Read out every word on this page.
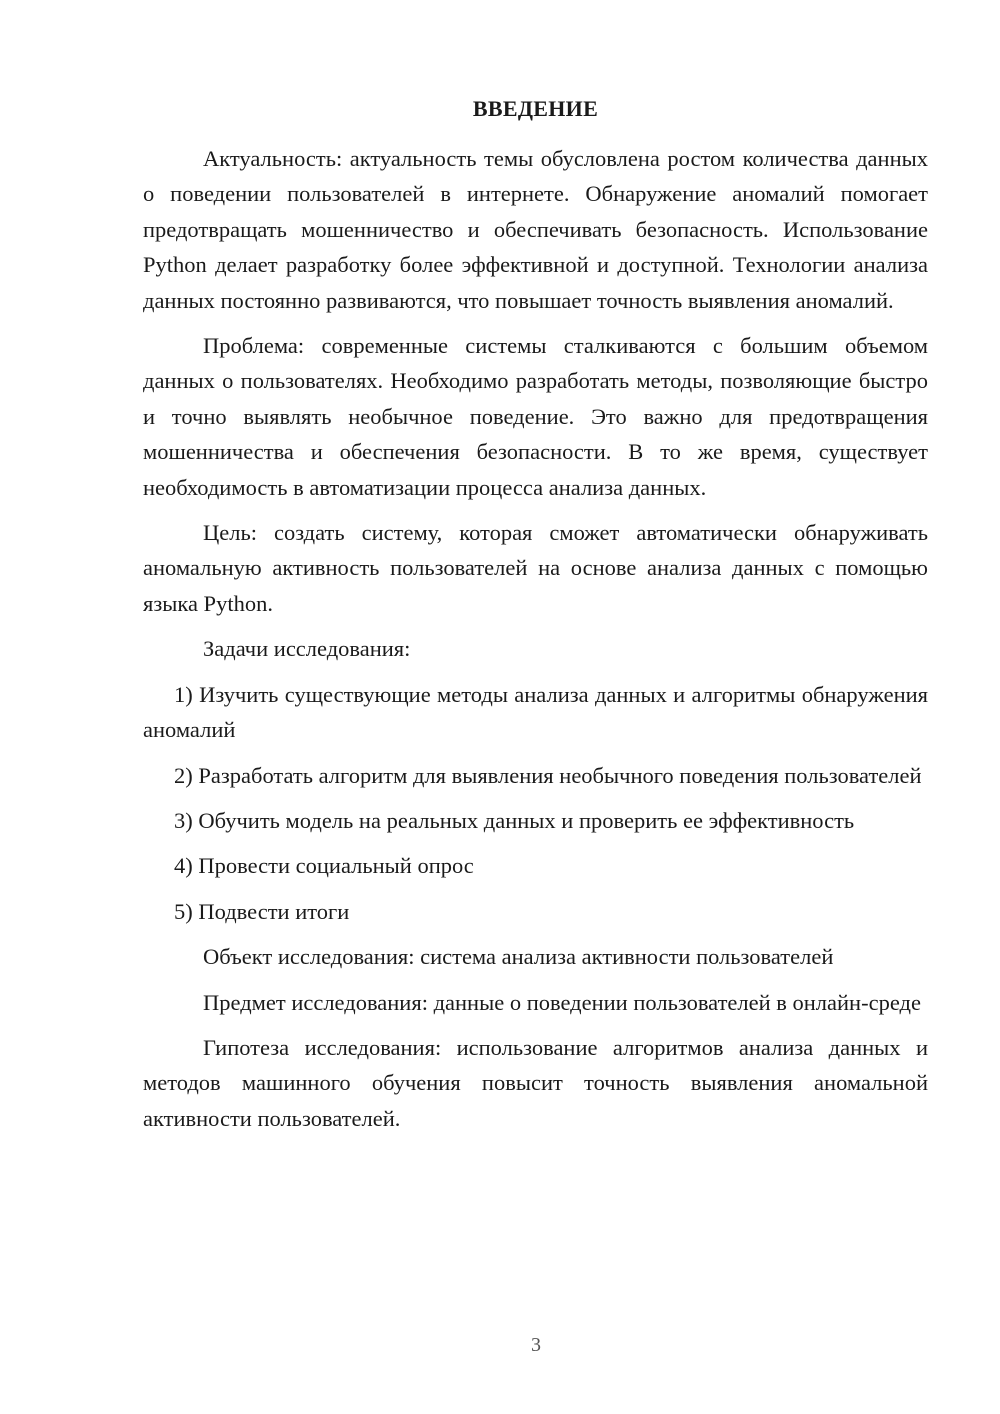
ВВЕДЕНИЕ

Актуальность: актуальность темы обусловлена ростом количества данных о поведении пользователей в интернете. Обнаружение аномалий помогает предотвращать мошенничество и обеспечивать безопасность. Использование Python делает разработку более эффективной и доступной. Технологии анализа данных постоянно развиваются, что повышает точность выявления аномалий.

Проблема: современные системы сталкиваются с большим объемом данных о пользователях. Необходимо разработать методы, позволяющие быстро и точно выявлять необычное поведение. Это важно для предотвращения мошенничества и обеспечения безопасности. В то же время, существует необходимость в автоматизации процесса анализа данных.

Цель: создать систему, которая сможет автоматически обнаруживать аномальную активность пользователей на основе анализа данных с помощью языка Python.

Задачи исследования:

1) Изучить существующие методы анализа данных и алгоритмы обнаружения аномалий

2) Разработать алгоритм для выявления необычного поведения пользователей

3) Обучить модель на реальных данных и проверить ее эффективность

4) Провести социальный опрос

5) Подвести итоги

Объект исследования: система анализа активности пользователей

Предмет исследования: данные о поведении пользователей в онлайн-среде

Гипотеза исследования: использование алгоритмов анализа данных и методов машинного обучения повысит точность выявления аномальной активности пользователей.

3
